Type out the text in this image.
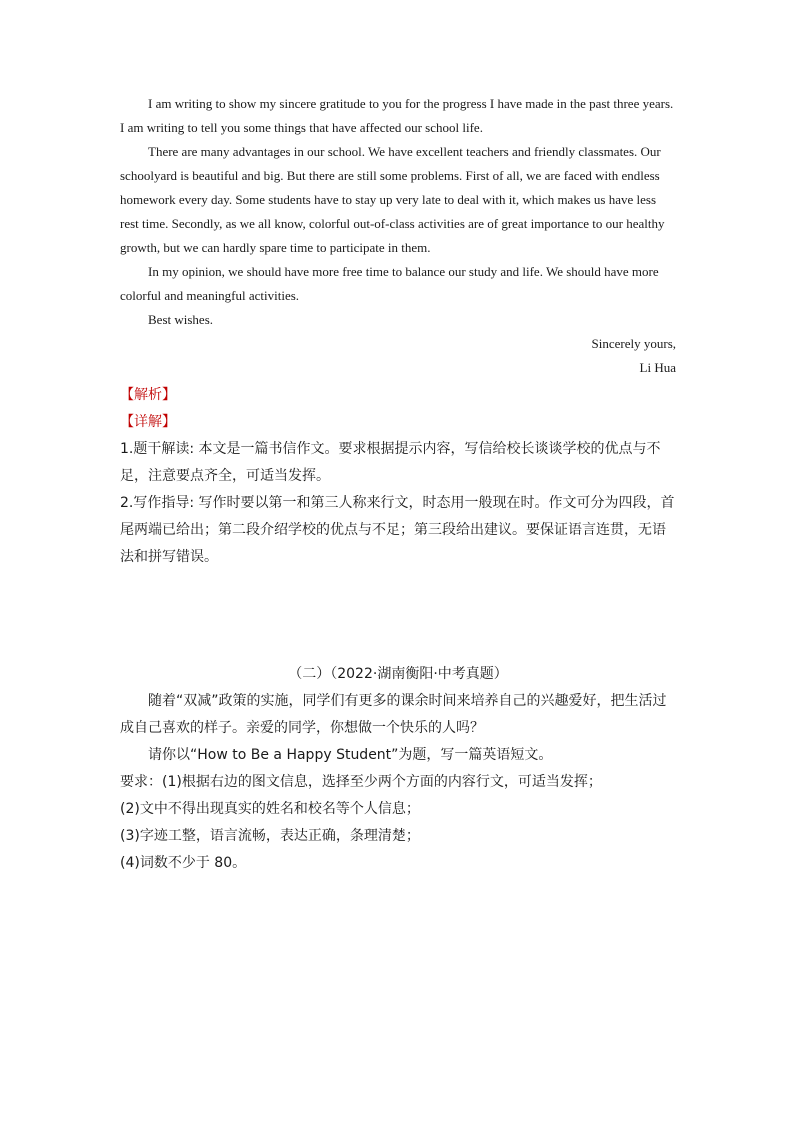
I am writing to show my sincere gratitude to you for the progress I have made in the past three years. I am writing to tell you some things that have affected our school life.

There are many advantages in our school. We have excellent teachers and friendly classmates. Our schoolyard is beautiful and big. But there are still some problems. First of all, we are faced with endless homework every day. Some students have to stay up very late to deal with it, which makes us have less rest time. Secondly, as we all know, colorful out-of-class activities are of great importance to our healthy growth, but we can hardly spare time to participate in them.

In my opinion, we should have more free time to balance our study and life. We should have more colorful and meaningful activities.

Best wishes.

Sincerely yours,

Li Hua

【解析】

【详解】

1.题干解读: 本文是一篇书信作文。要求根据提示内容，写信给校长谈谈学校的优点与不足，注意要点齐全，可适当发挥。

2.写作指导: 写作时要以第一和第三人称来行文，时态用一般现在时。作文可分为四段，首尾两端已给出；第二段介绍学校的优点与不足；第三段给出建议。要保证语言连贯，无语法和拼写错误。

（二）（2022·湖南衡阳·中考真题）

随着“双减”政策的实施，同学们有更多的课余时间来培养自己的兴趣爱好，把生活过成自己喜欢的样子。亲爱的同学，你想做一个快乐的人吗？

请你以“How to Be a Happy Student”为题，写一篇英语短文。

要求：(1)根据右边的图文信息，选择至少两个方面的内容行文，可适当发挥；

(2)文中不得出现真实的姓名和校名等个人信息；

(3)字迹工整，语言流畅，表达正确，条理清楚；

(4)词数不少于 80。
